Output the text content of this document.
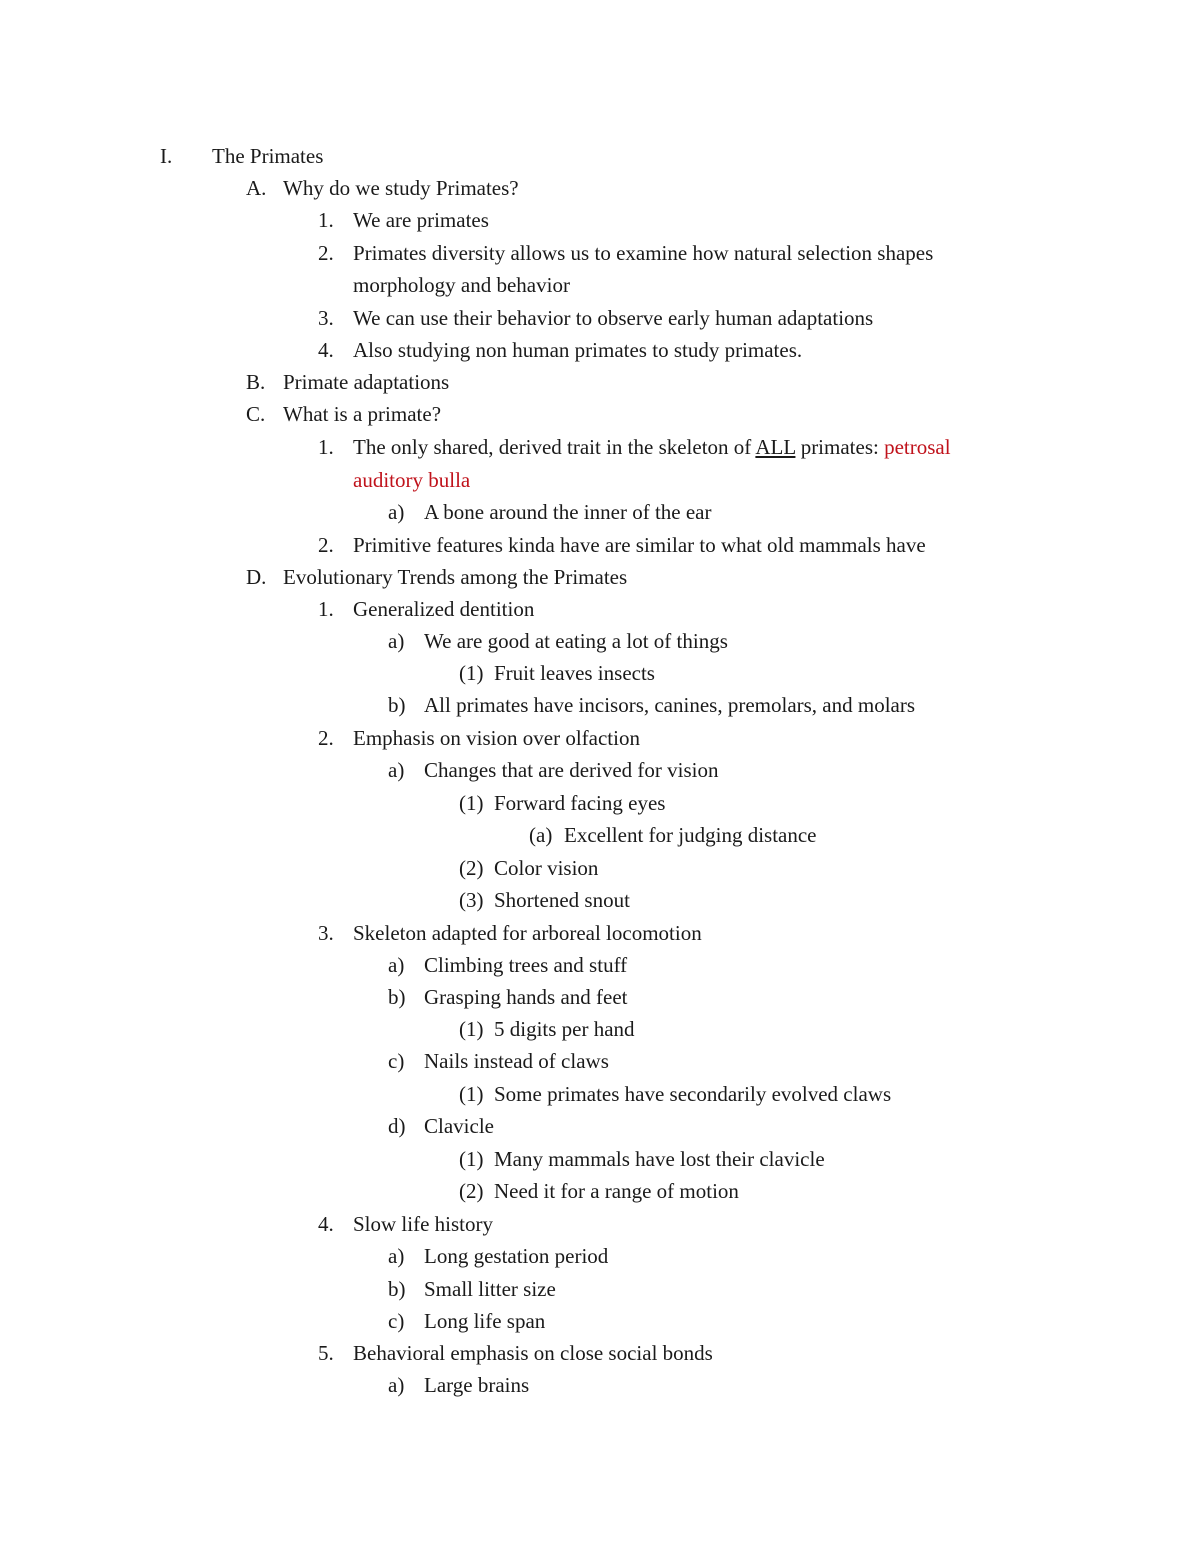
I. The Primates
A. Why do we study Primates?
1. We are primates
2. Primates diversity allows us to examine how natural selection shapes
morphology and behavior
3. We can use their behavior to observe early human adaptations
4. Also studying non human primates to study primates.
B. Primate adaptations
C. What is a primate?
1. The only shared, derived trait in the skeleton of ALL primates: petrosal
auditory bulla
a) A bone around the inner of the ear
2. Primitive features kinda have are similar to what old mammals have
D. Evolutionary Trends among the Primates
1. Generalized dentition
a) We are good at eating a lot of things
(1) Fruit leaves insects
b) All primates have incisors, canines, premolars, and molars
2. Emphasis on vision over olfaction
a) Changes that are derived for vision
(1) Forward facing eyes
(a) Excellent for judging distance
(2) Color vision
(3) Shortened snout
3. Skeleton adapted for arboreal locomotion
a) Climbing trees and stuff
b) Grasping hands and feet
(1) 5 digits per hand
c) Nails instead of claws
(1) Some primates have secondarily evolved claws
d) Clavicle
(1) Many mammals have lost their clavicle
(2) Need it for a range of motion
4. Slow life history
a) Long gestation period
b) Small litter size
c) Long life span
5. Behavioral emphasis on close social bonds
a) Large brains
